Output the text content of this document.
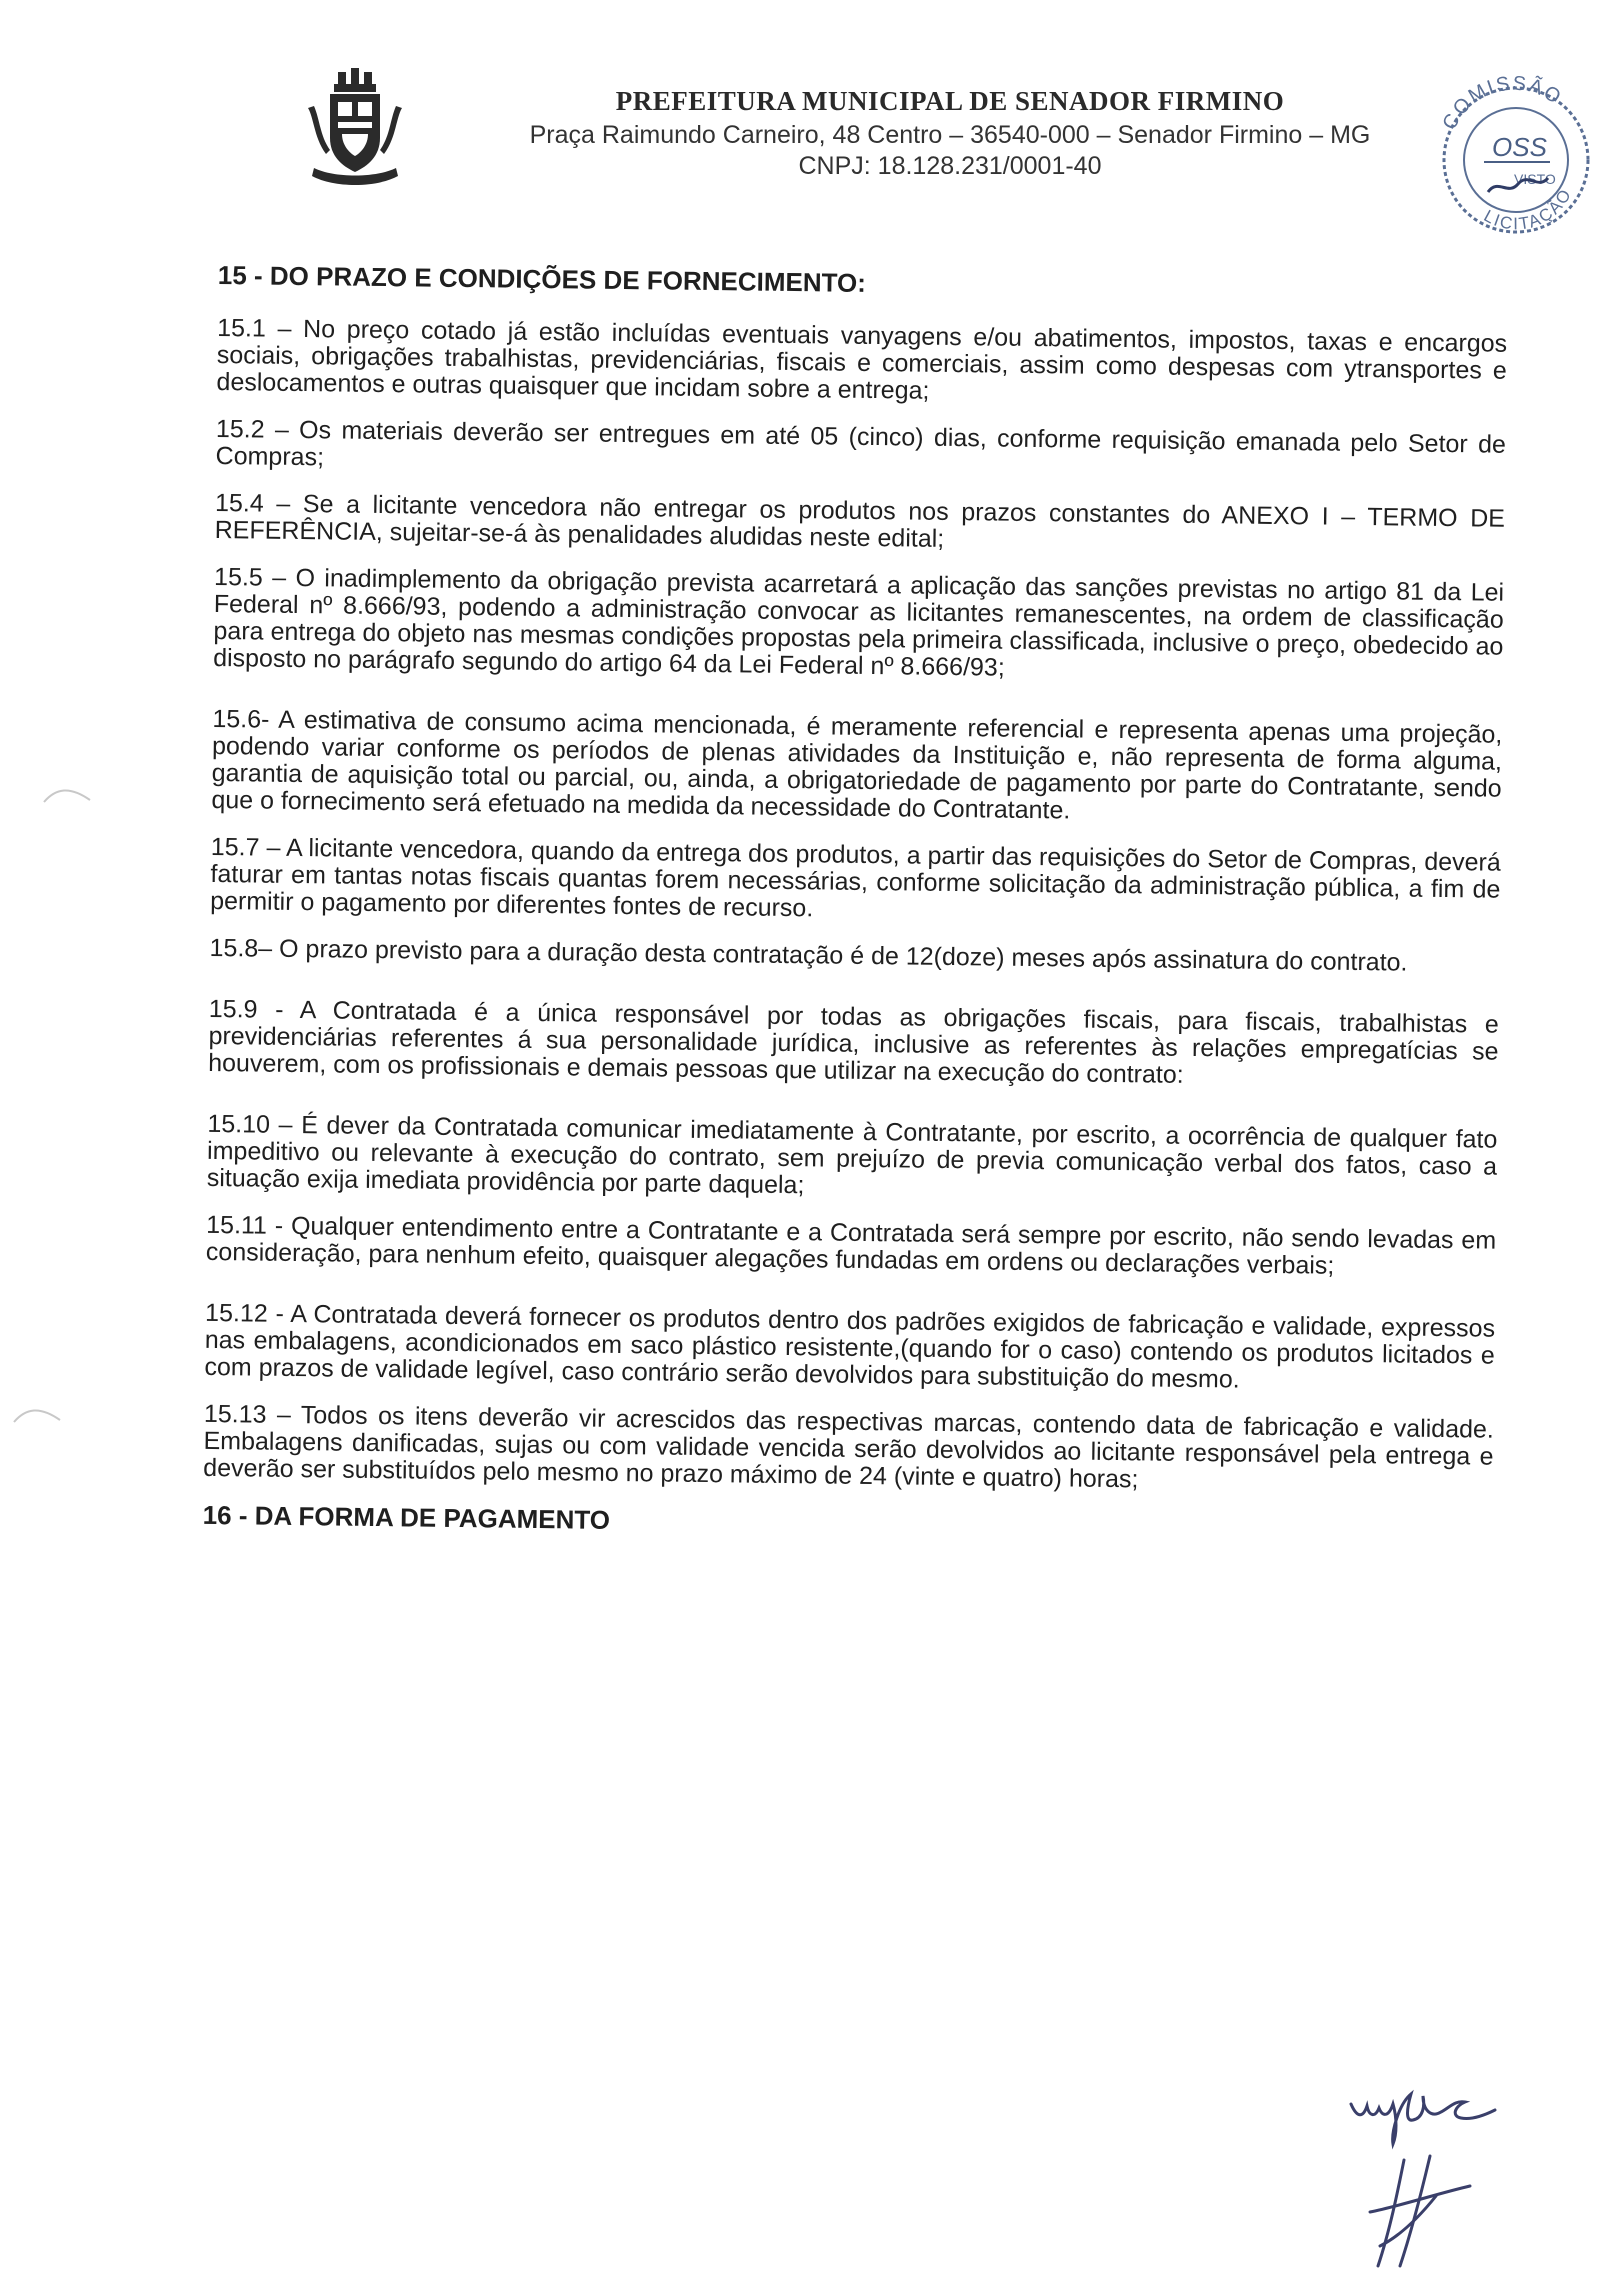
PREFEITURA MUNICIPAL DE SENADOR FIRMINO
Praça Raimundo Carneiro, 48 Centro – 36540-000 – Senador Firmino – MG
CNPJ: 18.128.231/0001-40
COMISSÃO
OSS
VISTO
LICITAÇÃO
15 - DO PRAZO E CONDIÇÕES DE FORNECIMENTO:

15.1 – No preço cotado já estão incluídas eventuais vanyagens e/ou abatimentos, impostos, taxas e encargos sociais, obrigações trabalhistas, previdenciárias, fiscais e comerciais, assim como despesas com ytransportes e deslocamentos e outras quaisquer que incidam sobre a entrega;

15.2 – Os materiais deverão ser entregues em até 05 (cinco) dias, conforme requisição emanada pelo Setor de Compras;

15.4 – Se a licitante vencedora não entregar os produtos nos prazos constantes do ANEXO I – TERMO DE REFERÊNCIA, sujeitar-se-á às penalidades aludidas neste edital;

15.5 – O inadimplemento da obrigação prevista acarretará a aplicação das sanções previstas no artigo 81 da Lei Federal nº 8.666/93, podendo a administração convocar as licitantes remanescentes, na ordem de classificação para entrega do objeto nas mesmas condições propostas pela primeira classificada, inclusive o preço, obedecido ao disposto no parágrafo segundo do artigo 64 da Lei Federal nº 8.666/93;

15.6- A estimativa de consumo acima mencionada, é meramente referencial e representa apenas uma projeção, podendo variar conforme os períodos de plenas atividades da Instituição e, não representa de forma alguma, garantia de aquisição total ou parcial, ou, ainda, a obrigatoriedade de pagamento por parte do Contratante, sendo que o fornecimento será efetuado na medida da necessidade do Contratante.

15.7 – A licitante vencedora, quando da entrega dos produtos, a partir das requisições do Setor de Compras, deverá faturar em tantas notas fiscais quantas forem necessárias, conforme solicitação da administração pública, a fim de permitir o pagamento por diferentes fontes de recurso.

15.8– O prazo previsto para a duração desta contratação é de 12(doze) meses após assinatura do contrato.

15.9 - A Contratada é a única responsável por todas as obrigações fiscais, para fiscais, trabalhistas e previdenciárias referentes á sua personalidade jurídica, inclusive as referentes às relações empregatícias se houverem, com os profissionais e demais pessoas que utilizar na execução do contrato:

15.10 – É dever da Contratada comunicar imediatamente à Contratante, por escrito, a ocorrência de qualquer fato impeditivo ou relevante à execução do contrato, sem prejuízo de previa comunicação verbal dos fatos, caso a situação exija imediata providência por parte daquela;

15.11 - Qualquer entendimento entre a Contratante e a Contratada será sempre por escrito, não sendo levadas em consideração, para nenhum efeito, quaisquer alegações fundadas em ordens ou declarações verbais;

15.12 - A Contratada deverá fornecer os produtos dentro dos padrões exigidos de fabricação e validade, expressos nas embalagens, acondicionados em saco plástico resistente,(quando for o caso) contendo os produtos licitados e com prazos de validade legível, caso contrário serão devolvidos para substituição do mesmo.

15.13 – Todos os itens deverão vir acrescidos das respectivas marcas, contendo data de fabricação e validade. Embalagens danificadas, sujas ou com validade vencida serão devolvidos ao licitante responsável pela entrega e deverão ser substituídos pelo mesmo no prazo máximo de 24 (vinte e quatro) horas;

16 - DA FORMA DE PAGAMENTO
